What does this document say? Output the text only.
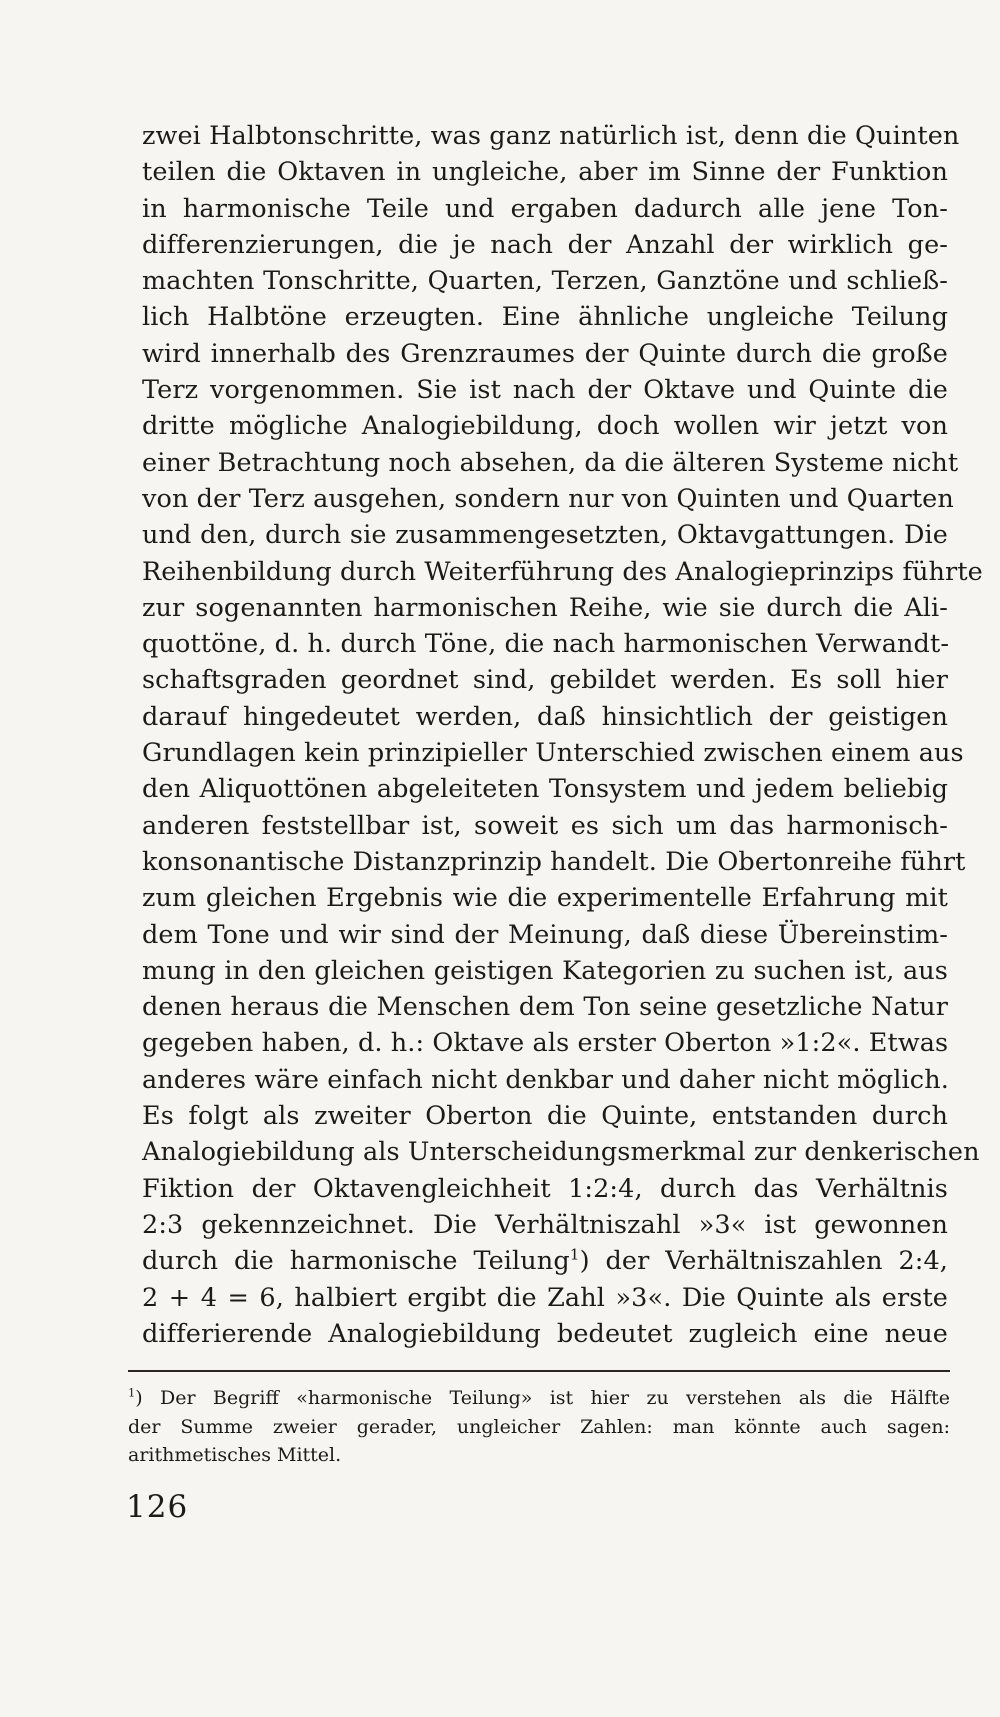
zwei Halbtonschritte, was ganz natürlich ist, denn die Quinten
teilen die Oktaven in ungleiche, aber im Sinne der Funktion
in harmonische Teile und ergaben dadurch alle jene Ton-
differenzierungen, die je nach der Anzahl der wirklich ge-
machten Tonschritte, Quarten, Terzen, Ganztöne und schließ-
lich Halbtöne erzeugten. Eine ähnliche ungleiche Teilung
wird innerhalb des Grenzraumes der Quinte durch die große
Terz vorgenommen. Sie ist nach der Oktave und Quinte die
dritte mögliche Analogiebildung, doch wollen wir jetzt von
einer Betrachtung noch absehen, da die älteren Systeme nicht
von der Terz ausgehen, sondern nur von Quinten und Quarten
und den, durch sie zusammengesetzten, Oktavgattungen. Die
Reihenbildung durch Weiterführung des Analogieprinzips führte
zur sogenannten harmonischen Reihe, wie sie durch die Ali-
quottöne, d. h. durch Töne, die nach harmonischen Verwandt-
schaftsgraden geordnet sind, gebildet werden. Es soll hier
darauf hingedeutet werden, daß hinsichtlich der geistigen
Grundlagen kein prinzipieller Unterschied zwischen einem aus
den Aliquottönen abgeleiteten Tonsystem und jedem beliebig
anderen feststellbar ist, soweit es sich um das harmonisch-
konsonantische Distanzprinzip handelt. Die Obertonreihe führt
zum gleichen Ergebnis wie die experimentelle Erfahrung mit
dem Tone und wir sind der Meinung, daß diese Übereinstim-
mung in den gleichen geistigen Kategorien zu suchen ist, aus
denen heraus die Menschen dem Ton seine gesetzliche Natur
gegeben haben, d. h.: Oktave als erster Oberton »1:2«. Etwas
anderes wäre einfach nicht denkbar und daher nicht möglich.
Es folgt als zweiter Oberton die Quinte, entstanden durch
Analogiebildung als Unterscheidungsmerkmal zur denkerischen
Fiktion der Oktavengleichheit 1:2:4, durch das Verhältnis
2:3 gekennzeichnet. Die Verhältniszahl »3« ist gewonnen
durch die harmonische Teilung$^1$) der Verhältniszahlen 2:4,
2 + 4 = 6, halbiert ergibt die Zahl »3«. Die Quinte als erste
differierende Analogiebildung bedeutet zugleich eine neue
$^1$) Der Begriff «harmonische Teilung» ist hier zu verstehen als die Hälfte
der Summe zweier gerader, ungleicher Zahlen: man könnte auch sagen:
arithmetisches Mittel.
126
